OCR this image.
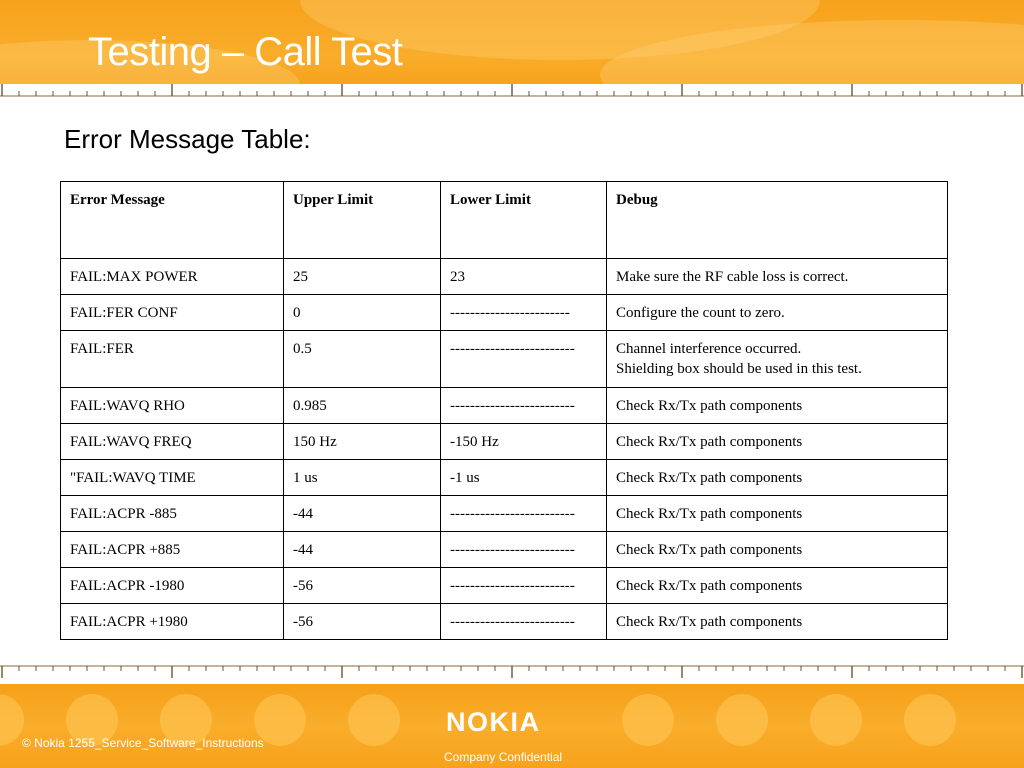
Testing – Call Test
Error Message Table:
Error Message	Upper Limit	Lower Limit	Debug
FAIL:MAX POWER	25	23	Make sure the RF cable loss is correct.

FAIL:FER CONF	0	------------------------	Configure the count to zero.

FAIL:FER	0.5	-------------------------	Channel interference occurred.
Shielding box should be used in this test.

FAIL:WAVQ RHO	0.985	-------------------------	Check Rx/Tx path components

FAIL:WAVQ FREQ	150 Hz	-150 Hz	Check Rx/Tx path components

"FAIL:WAVQ TIME	1 us	-1 us	Check Rx/Tx path components

FAIL:ACPR -885	-44	-------------------------	Check Rx/Tx path components

FAIL:ACPR +885	-44	-------------------------	Check Rx/Tx path components

FAIL:ACPR -1980	-56	-------------------------	Check Rx/Tx path components

FAIL:ACPR +1980	-56	-------------------------	Check Rx/Tx path components
NOKIA
© Nokia 1255_Service_Software_Instructions
Company Confidential
